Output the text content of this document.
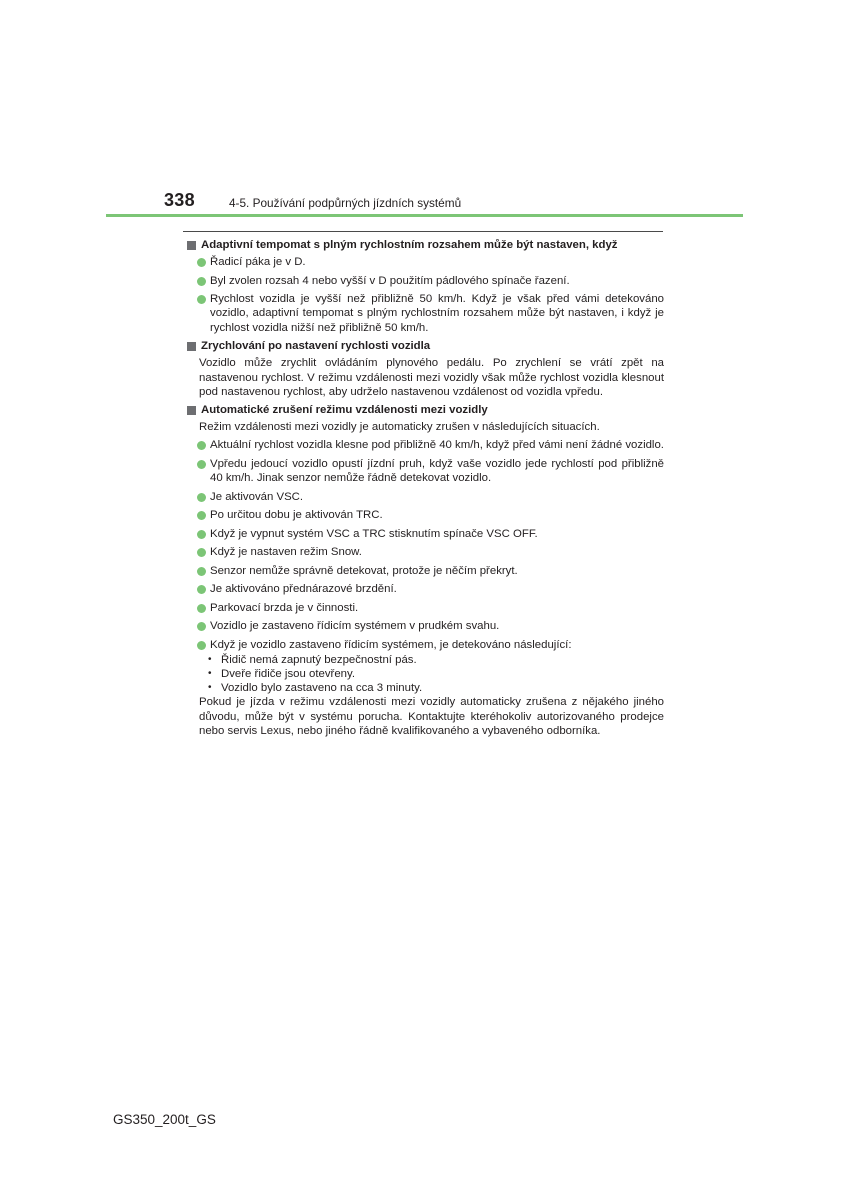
338	4-5. Používání podpůrných jízdních systémů
Adaptivní tempomat s plným rychlostním rozsahem může být nastaven, když
Řadicí páka je v D.
Byl zvolen rozsah 4 nebo vyšší v D použitím pádlového spínače řazení.
Rychlost vozidla je vyšší než přibližně 50 km/h. Když je však před vámi detekováno vozidlo, adaptivní tempomat s plným rychlostním rozsahem může být nastaven, i když je rychlost vozidla nižší než přibližně 50 km/h.
Zrychlování po nastavení rychlosti vozidla
Vozidlo může zrychlit ovládáním plynového pedálu. Po zrychlení se vrátí zpět na nastavenou rychlost. V režimu vzdálenosti mezi vozidly však může rychlost vozidla klesnout pod nastavenou rychlost, aby udrželo nastavenou vzdálenost od vozidla vpředu.
Automatické zrušení režimu vzdálenosti mezi vozidly
Režim vzdálenosti mezi vozidly je automaticky zrušen v následujících situacích.
Aktuální rychlost vozidla klesne pod přibližně 40 km/h, když před vámi není žádné vozidlo.
Vpředu jedoucí vozidlo opustí jízdní pruh, když vaše vozidlo jede rychlostí pod přibližně 40 km/h. Jinak senzor nemůže řádně detekovat vozidlo.
Je aktivován VSC.
Po určitou dobu je aktivován TRC.
Když je vypnut systém VSC a TRC stisknutím spínače VSC OFF.
Když je nastaven režim Snow.
Senzor nemůže správně detekovat, protože je něčím překryt.
Je aktivováno přednárazové brzdění.
Parkovací brzda je v činnosti.
Vozidlo je zastaveno řídicím systémem v prudkém svahu.
Když je vozidlo zastaveno řídicím systémem, je detekováno následující:
• Řidič nemá zapnutý bezpečnostní pás.
• Dveře řidiče jsou otevřeny.
• Vozidlo bylo zastaveno na cca 3 minuty.
Pokud je jízda v režimu vzdálenosti mezi vozidly automaticky zrušena z nějakého jiného důvodu, může být v systému porucha. Kontaktujte kteréhokoliv autorizovaného prodejce nebo servis Lexus, nebo jiného řádně kvalifikovaného a vybaveného odborníka.
GS350_200t_GS
